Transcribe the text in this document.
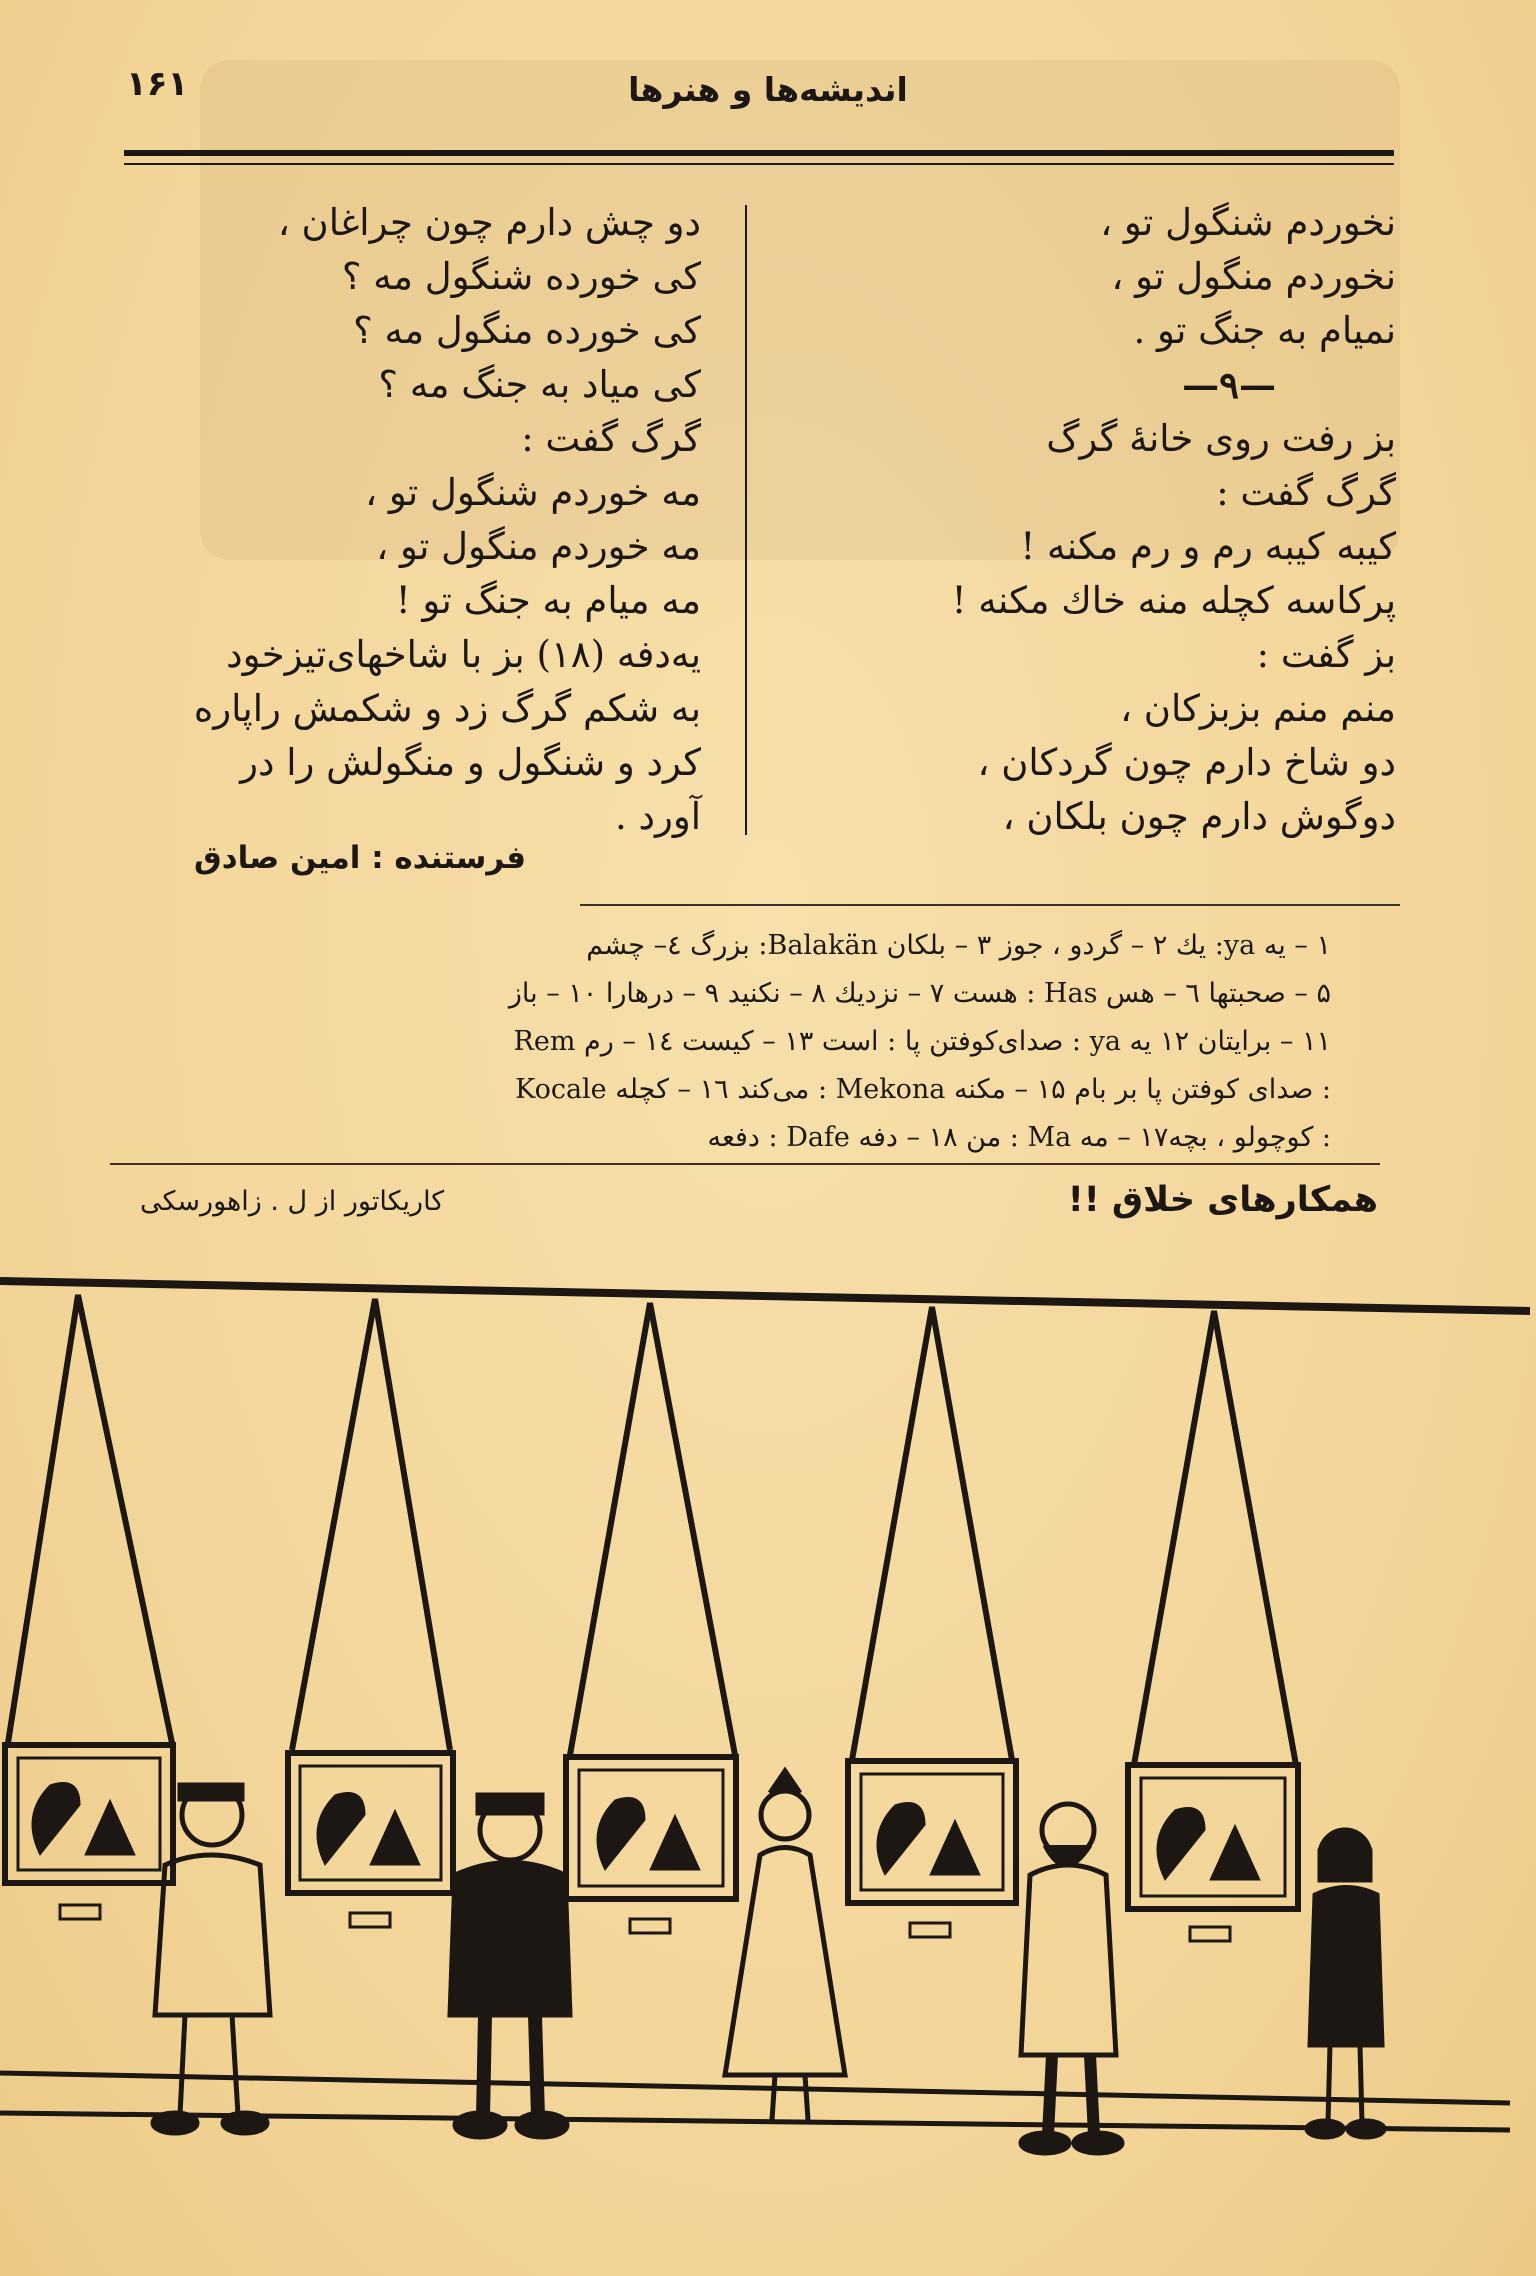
۱۶۱	اندیشه‌ها و هنرها
نخوردم شنگول تو ،
نخوردم منگول تو ،
نمیام به جنگ تو .
—۹—
بز رفت روی خانهٔ گرگ
گرگ گفت :
کیبه کیبه رم و رم مکنه !
پرکاسه کچله منه خاك مکنه !
بز گفت :
منم منم بزبزکان ،
دو شاخ دارم چون گردکان ،
دوگوش دارم چون بلکان ،
دو چش دارم چون چراغان ،
کی خورده شنگول مه ؟
کی خورده منگول مه ؟
کی میاد به جنگ مه ؟
گرگ گفت :
مه خوردم شنگول تو ،
مه خوردم منگول تو ،
مه میام به جنگ تو !
یه‌دفه (۱۸) بز با شاخهای‌تیزخود
به شکم گرگ زد و شکمش راپاره
کرد و شنگول و منگولش را در
آورد .
فرستنده : امین صادق
۱ – یه ya: یك ۲ – گردو ، جوز ۳ – بلکان Balakän: بزرگ ٤– چشم
۵ – صحبتها ٦ – هس Has : هست ۷ – نزدیك ۸ – نکنید ۹ – درهارا ۱۰ – باز
۱۱ – برایتان ۱۲ یه ya : صدای‌کوفتن پا : است ۱۳ – کیست ١٤ – رم Rem
: صدای کوفتن پا بر بام ۱۵ – مکنه Mekona : می‌کند ۱٦ – کچله Kocale
: کوچولو ، بچه۱۷ – مه Ma : من ۱۸ – دفه Dafe : دفعه
همکارهای خلاق !!
کاریکاتور از ل . زاهورسکی
